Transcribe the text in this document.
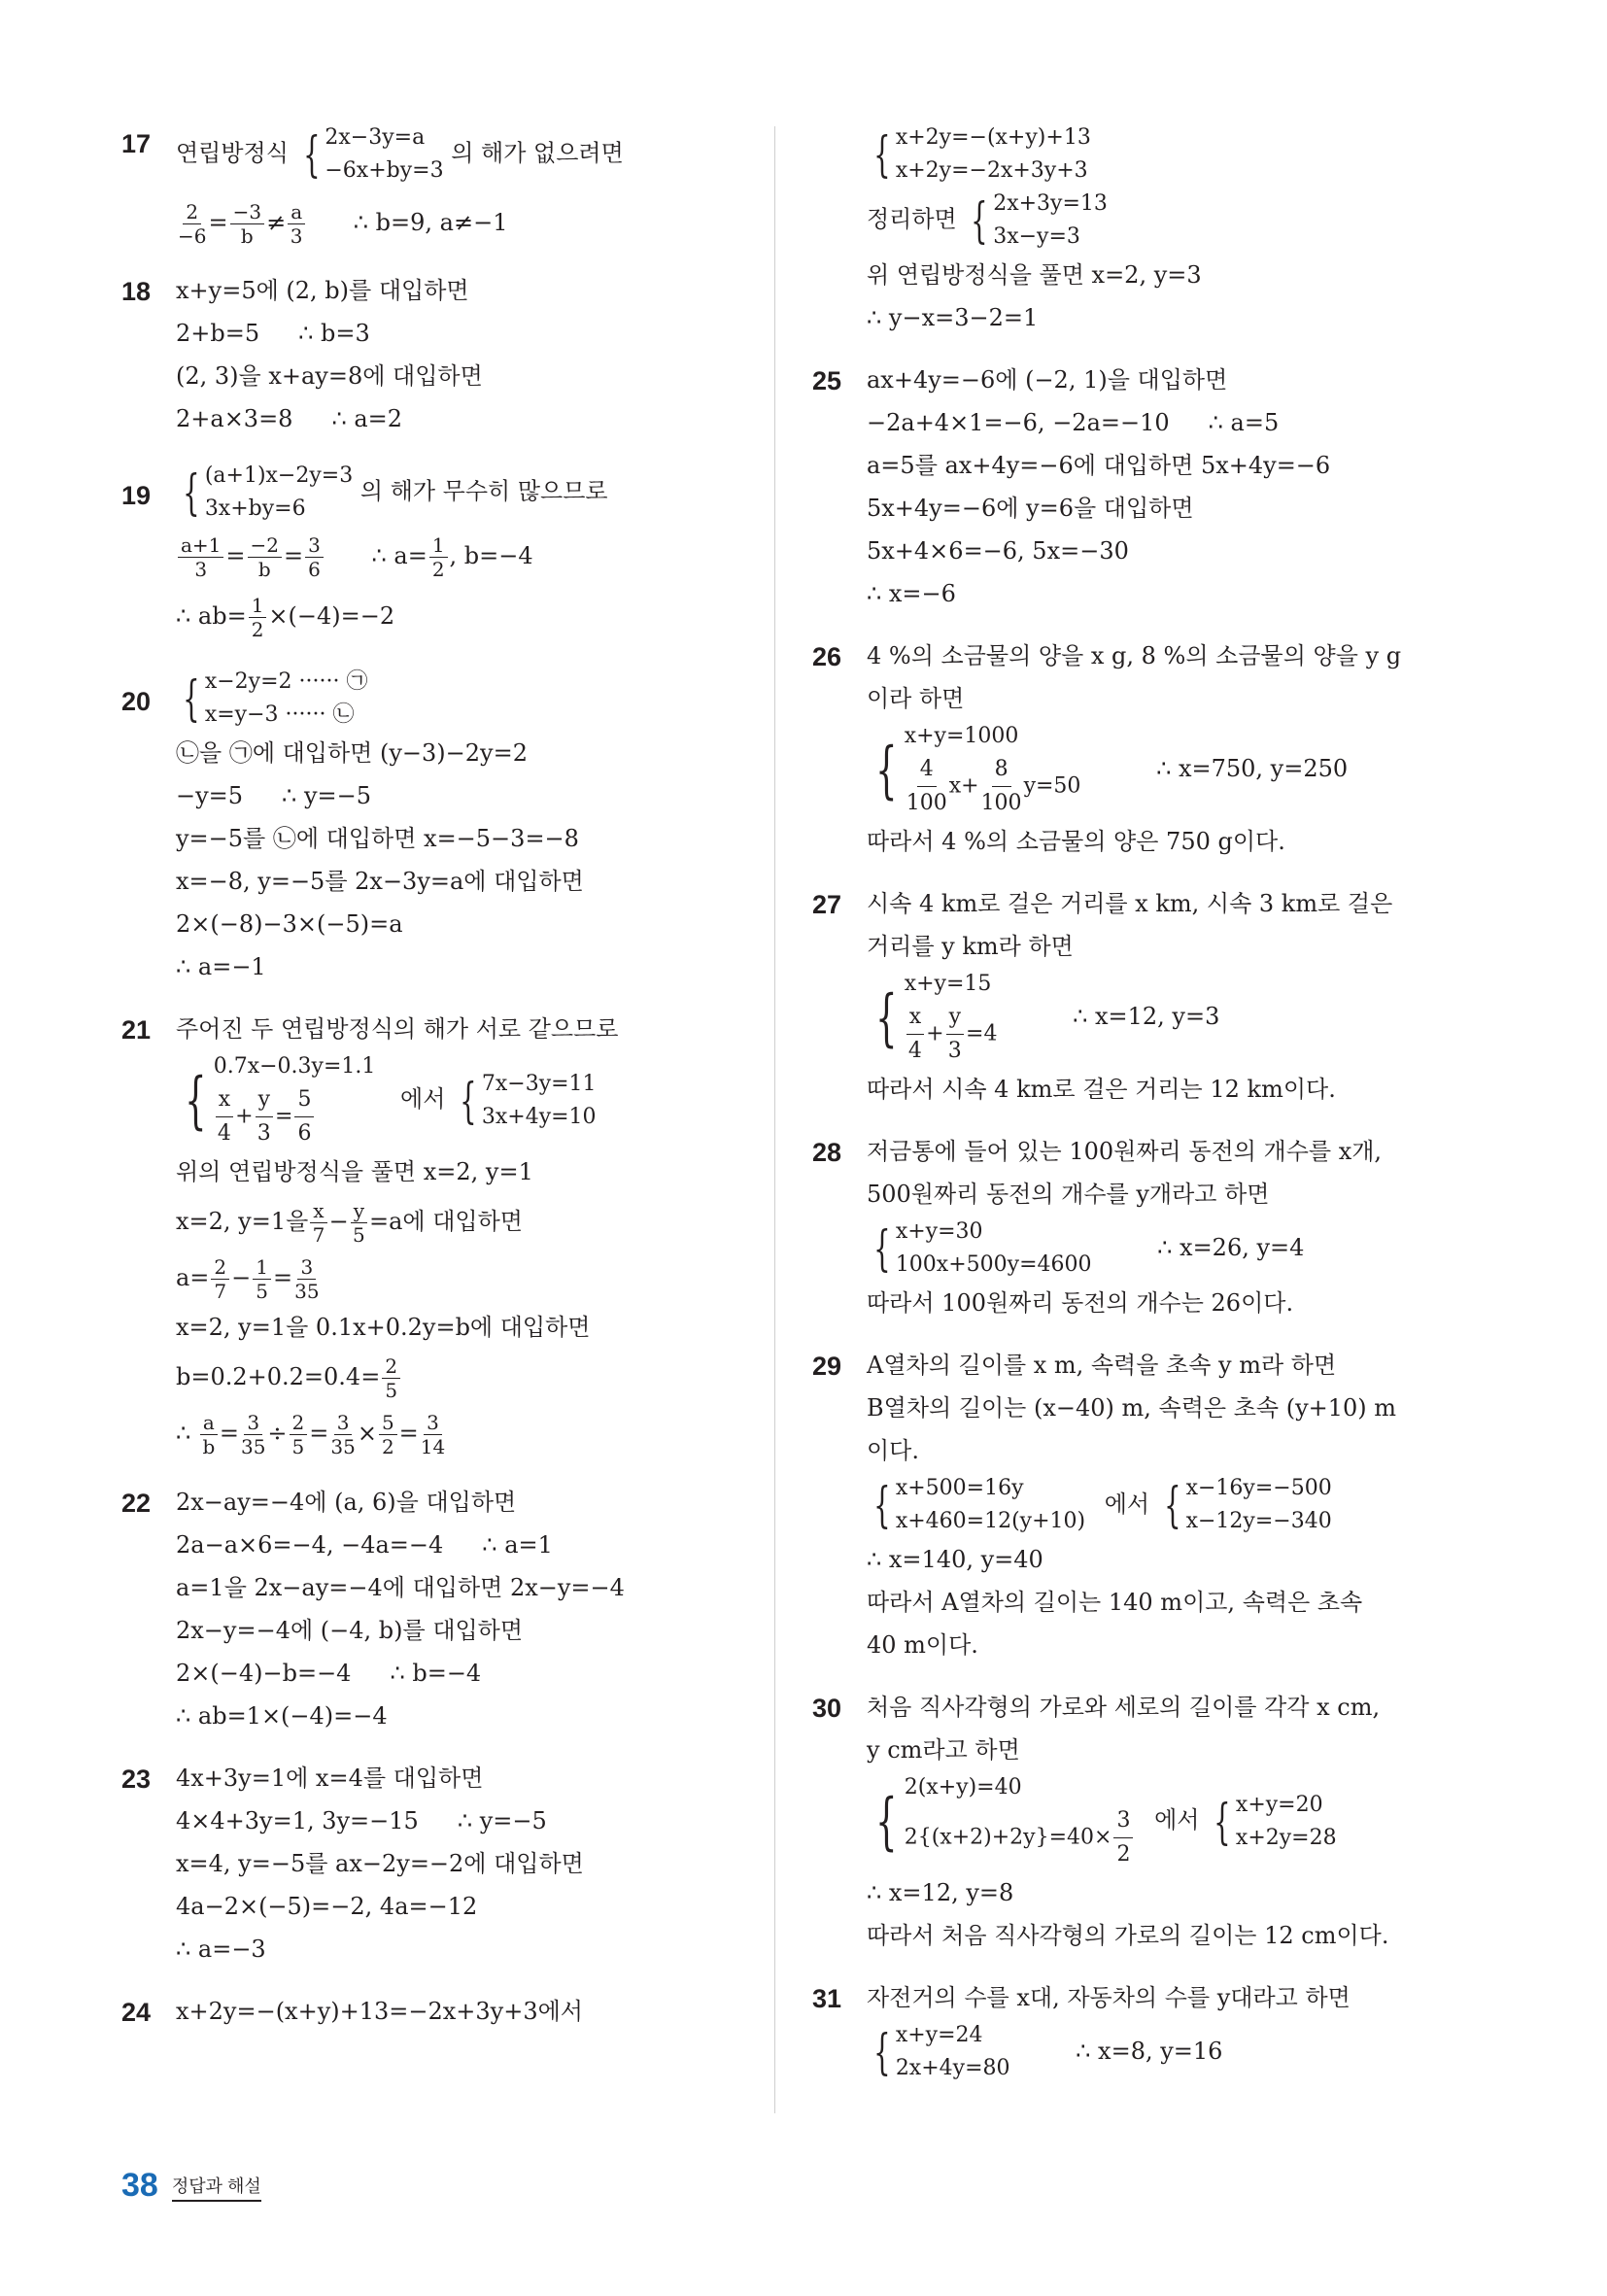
17 연립방정식 { 2x−3y=a
−6x+by=3
의 해가 없으려면
$\frac{2}{-6} = \frac{-3}{b} \ne \frac{a}{3}$ ∴ b=9, a≠−1
18 x+y=5에 (2, b)를 대입하면
2+b=5 ∴ b=3
(2, 3)을 x+ay=8에 대입하면
2+a×3=8 ∴ a=2
19 { (a+1)x−2y=3
3x+by=6
의 해가 무수히 많으므로
$\frac{a+1}{3} = \frac{-2}{b} = \frac{3}{6}$ ∴ $a= \frac{1}{2}$ , b=−4
∴ $ab= \frac{1}{2} \times(-4)=-2$
20 { x−2y=2 ······ ㉠
x=y−3 ······ ㉡
㉡을 ㉠에 대입하면 (y−3)−2y=2
−y=5 ∴ y=−5
y=−5를 ㉡에 대입하면 x=−5−3=−8
x=−8, y=−5를 2x−3y=a에 대입하면
2×(−8)−3×(−5)=a
∴ a=−1
21 주어진 두 연립방정식의 해가 서로 같으므로
{ 0.7x−0.3y=1.1
$\frac{x}{4} + \frac{y}{3} = \frac{5}{6}$	에서 { 7x−3y=11
3x+4y=10
위의 연립방정식을 풀면 x=2, y=1
x=2, y=1을 $\frac{x}{7} - \frac{y}{5} =a$에 대입하면
$a= \frac{2}{7} - \frac{1}{5} = \frac{3}{35}$
x=2, y=1을 0.1x+0.2y=b에 대입하면
$b=0.2+0.2=0.4= \frac{2}{5}$
∴ $\frac{a}{b} = \frac{3}{35} \div \frac{2}{5} = \frac{3}{35} \times \frac{5}{2} = \frac{3}{14}$
22 2x−ay=−4에 (a, 6)을 대입하면
2a−a×6=−4, −4a=−4 ∴ a=1
a=1을 2x−ay=−4에 대입하면 2x−y=−4
2x−y=−4에 (−4, b)를 대입하면
2×(−4)−b=−4 ∴ b=−4
∴ ab=1×(−4)=−4
23 4x+3y=1에 x=4를 대입하면
4×4+3y=1, 3y=−15 ∴ y=−5
x=4, y=−5를 ax−2y=−2에 대입하면
4a−2×(−5)=−2, 4a=−12
∴ a=−3
24 x+2y=−(x+y)+13=−2x+3y+3에서
{ x+2y=−(x+y)+13
x+2y=−2x+3y+3
정리하면 { 2x+3y=13
3x−y=3
위 연립방정식을 풀면 x=2, y=3
∴ y−x=3−2=1
25 ax+4y=−6에 (−2, 1)을 대입하면
−2a+4×1=−6, −2a=−10 ∴ a=5
a=5를 ax+4y=−6에 대입하면 5x+4y=−6
5x+4y=−6에 y=6을 대입하면
5x+4×6=−6, 5x=−30
∴ x=−6
26 4 %의 소금물의 양을 x g, 8 %의 소금물의 양을 y g
이라 하면
{ x+y=1000
$\frac{4}{100} x+ \frac{8}{100} y=50$
∴ x=750, y=250
따라서 4 %의 소금물의 양은 750 g이다.
27 시속 4 km로 걸은 거리를 x km, 시속 3 km로 걸은
거리를 y km라 하면
{ x+y=15
$\frac{x}{4} + \frac{y}{3} =4$
∴ x=12, y=3
따라서 시속 4 km로 걸은 거리는 12 km이다.
28 저금통에 들어 있는 100원짜리 동전의 개수를 x개,
500원짜리 동전의 개수를 y개라고 하면
{ x+y=30
100x+500y=4600
∴ x=26, y=4
따라서 100원짜리 동전의 개수는 26이다.
29 A열차의 길이를 x m, 속력을 초속 y m라 하면
B열차의 길이는 (x−40) m, 속력은 초속 (y+10) m
이다.
{ x+500=16y
x+460=12(y+10)
에서 { x−16y=−500
x−12y=−340
∴ x=140, y=40
따라서 A열차의 길이는 140 m이고, 속력은 초속
40 m이다.
30 처음 직사각형의 가로와 세로의 길이를 각각 x cm,
y cm라고 하면
{ 2(x+y)=40
$2\{(x+2)+2y\}=40\times \frac{3}{2}$ 에서 { x+y=20
x+2y=28
∴ x=12, y=8
따라서 처음 직사각형의 가로의 길이는 12 cm이다.
31 자전거의 수를 x대, 자동차의 수를 y대라고 하면
{ x+y=24
2x+4y=80
∴ x=8, y=16
38 정답과 해설
